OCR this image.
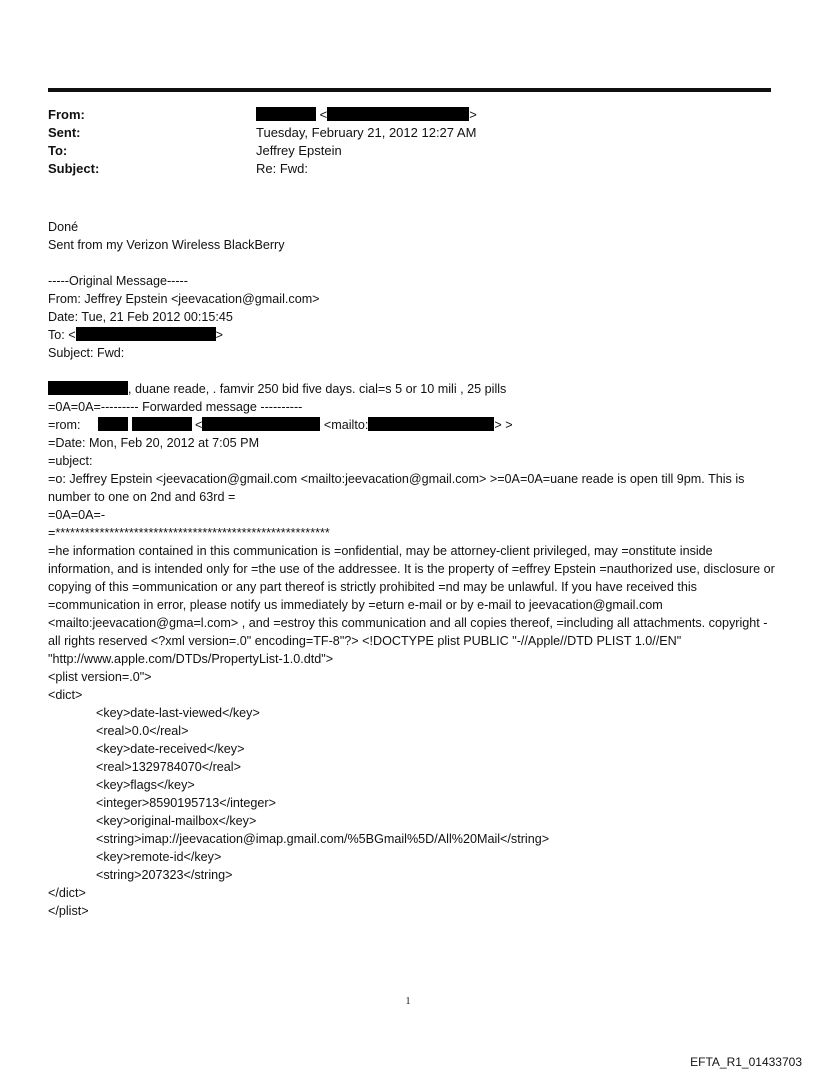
From:	<	>
Sent:	Tuesday, February 21, 2012 12:27 AM
To:	Jeffrey Epstein
Subject:	Re: Fwd:
Doné
Sent from my Verizon Wireless BlackBerry
-----Original Message-----
From: Jeffrey Epstein <jeevacation@gmail.com>
Date: Tue, 21 Feb 2012 00:15:45
To: <	>
Subject: Fwd:
, duane reade, . famvir 250 bid five days. cial=s 5 or 10 mili , 25 pills
=0A=0A=--------- Forwarded message ----------
=rom:	<	<mailto:	> >
=Date: Mon, Feb 20, 2012 at 7:05 PM
=ubject:
=o: Jeffrey Epstein <jeevacation@gmail.com <mailto:jeevacation@gmail.com> >=0A=0A=uane reade is open till 9pm. This is number to one on 2nd and 63rd =
=0A=0A=-
=********************************************************
=he information contained in this communication is =onfidential, may be attorney-client privileged, may =onstitute inside information, and is intended only for =the use of the addressee. It is the property of =effrey Epstein =nauthorized use, disclosure or copying of this =ommunication or any part thereof is strictly prohibited =nd may be unlawful. If you have received this =communication in error, please notify us immediately by =eturn e-mail or by e-mail to jeevacation@gmail.com <mailto:jeevacation@gma=l.com> , and =estroy this communication and all copies thereof, =including all attachments. copyright -all rights reserved <?xml version=.0" encoding=TF-8"?> <!DOCTYPE plist PUBLIC "-//Apple//DTD PLIST 1.0//EN" "http://www.apple.com/DTDs/PropertyList-1.0.dtd">
<plist version=.0">
<dict>
<key>date-last-viewed</key>
<real>0.0</real>
<key>date-received</key>
<real>1329784070</real>
<key>flags</key>
<integer>8590195713</integer>
<key>original-mailbox</key>
<string>imap://jeevacation@imap.gmail.com/%5BGmail%5D/All%20Mail</string>
<key>remote-id</key>
<string>207323</string>
</dict>
</plist>
1
EFTA_R1_01433703
